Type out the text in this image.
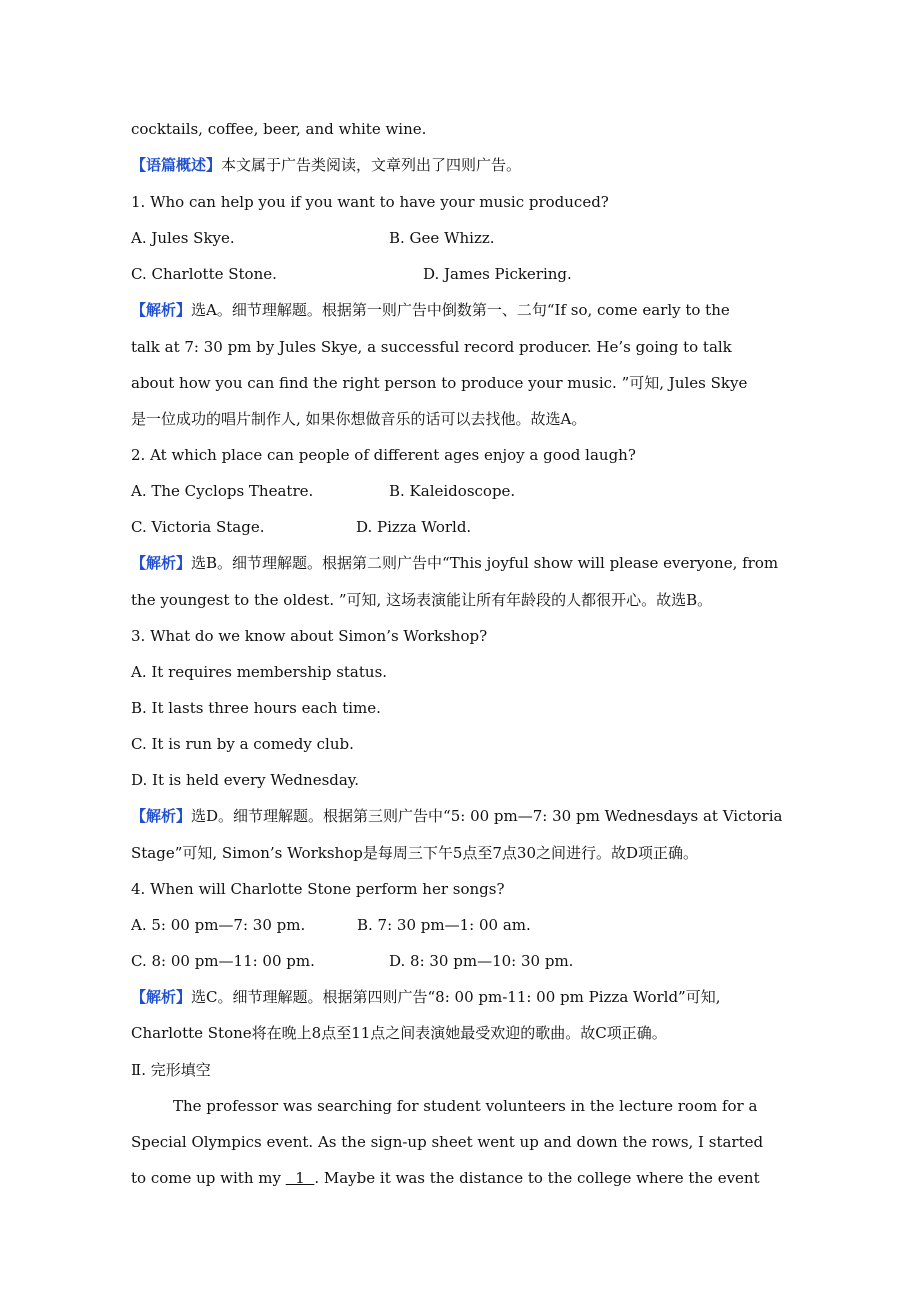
cocktails, coffee, beer, and white wine.
【语篇概述】本文属于广告类阅读，文章列出了四则广告。
1. Who can help you if you want to have your music produced?
A. Jules Skye.	B. Gee Whizz.
C. Charlotte Stone.	D. James Pickering.
【解析】选A。细节理解题。根据第一则广告中倒数第一、二句“If so, come early to the
talk at 7: 30 pm by Jules Skye, a successful record producer. He’s going to talk
about how you can find the right person to produce your music. ”可知, Jules Skye
是一位成功的唱片制作人, 如果你想做音乐的话可以去找他。故选A。
2. At which place can people of different ages enjoy a good laugh?
A. The Cyclops Theatre.	B. Kaleidoscope.
C. Victoria Stage.	D. Pizza World.
【解析】选B。细节理解题。根据第二则广告中“This joyful show will please everyone, from
the youngest to the oldest. ”可知, 这场表演能让所有年龄段的人都很开心。故选B。
3. What do we know about Simon’s Workshop?
A. It requires membership status.
B. It lasts three hours each time.
C. It is run by a comedy club.
D. It is held every Wednesday.
【解析】选D。细节理解题。根据第三则广告中“5: 00 pm—7: 30 pm Wednesdays at Victoria
Stage”可知, Simon’s Workshop是每周三下午5点至7点30之间进行。故D项正确。
4. When will Charlotte Stone perform her songs?
A. 5: 00 pm—7: 30 pm.	B. 7: 30 pm—1: 00 am.
C. 8: 00 pm—11: 00 pm.	D. 8: 30 pm—10: 30 pm.
【解析】选C。细节理解题。根据第四则广告“8: 00 pm-11: 00 pm Pizza World”可知,
Charlotte Stone将在晚上8点至11点之间表演她最受欢迎的歌曲。故C项正确。
Ⅱ. 完形填空
The professor was searching for student volunteers in the lecture room for a
Special Olympics event. As the sign-up sheet went up and down the rows, I started
to come up with my   1  . Maybe it was the distance to the college where the event
